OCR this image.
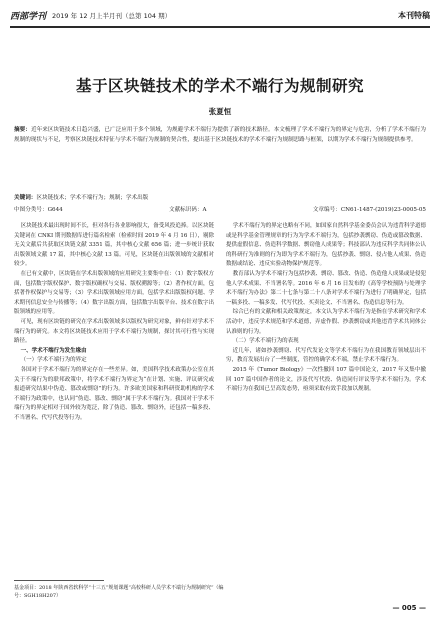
西部学刊 2019 年 12 月上半月刊（总第 104 期）	本刊特稿
基于区块链技术的学术不端行为规制研究
张夏恒
摘要：近年来区块链技术日趋兴盛，已广泛应用于多个领域，为规避学术不端行为提供了新的技术路径。本文梳理了学术不端行为的界定与危害，分析了学术不端行为规制的现状与不足，考察区块链技术特征与学术不端行为规制的契合性，提出基于区块链技术的学术不端行为规制思路与框架，以期为学术不端行为规制提供参考。
关键词：区块链技术；学术不端行为；规制；学术出版
中图分类号：G644	文献标识码：A	文章编号：CN61-1487-(2019)23-0005-05

区块链技术最出现时间不长，但对各行各业影响很大，备受风投追捧。以区块链关键词在 CNKI 期刊数据库进行篇名检索（检索时间 2019 年 4 月 16 日），剔除无关文献后共获取区块链文献 3351 篇，其中核心文献 656 篇；进一步统计获取出版领域文献 17 篇，其中核心文献 13 篇。可见，区块链在出版领域的文献相对较少。

在已有文献中，区块链在学术出版领域的应用研究主要集中在：（1）数字版权方面，包括数字版权保护、数字版权确权与交易、版权溯源等；（2）著作权方面，包括著作权保护与交易等；（3）学术出版领域应用方面，包括学术出版版权问题、学术期刊信息安全与传播等；（4）数字出版方面，包括数字出版平台、技术在数字出版领域的应用等。

可见，现有区块链的研究在学术出版领域多以版权为研究对象，鲜有针对学术不端行为的研究。本文将区块链技术应用于学术不端行为规制，探讨其可行性与实现路径。

一、学术不端行为发生缘由

（一）学术不端行为的界定

各国对于学术不端行为的界定存在一些差异。如，美国科学技术政策办公室在其关于不端行为的联邦政策中，将学术不端行为界定为“在计划、实施、评议研究或报道研究结果中伪造、篡改或剽窃”的行为。许多欧美国家和科研资助机构的学术不端行为政策中，也认同“伪造、篡改、剽窃”属于学术不端行为。我国对于学术不端行为的界定相对于国外较为宽泛，除了伪造、篡改、剽窃外，还包括一稿多投、不当署名、代写代投等行为。

学术不端行为的界定也略有不同，如国家自然科学基金委员会认为违背科学道德或是科学基金管理规章的行为为学术不端行为，包括抄袭剽窃、伪造或篡改数据、提供虚假信息、伪造科学数据、剽窃他人成果等；科技部认为违反科学共同体公认的科研行为准则的行为即为学术不端行为，包括抄袭、剽窃、侵占他人成果、伪造数据或结论、违反实验动物保护规范等。

教育部认为学术不端行为包括抄袭、剽窃、篡改、伪造、伪造他人成果或是侵犯他人学术成果、不当署名等。2016 年 6 月 16 日发布的《高等学校预防与处理学术不端行为办法》第二十七条与第二十八条对学术不端行为进行了明确界定，包括一稿多投、一稿多发、代写代投、买卖论文、不当署名、伪造信息等行为。

综合已有的文献和相关政策规定，本文认为学术不端行为是指在学术研究和学术活动中，违反学术规范和学术道德，弄虚作假、抄袭剽窃或其他违背学术共同体公认准则的行为。

（二）学术不端行为的表现

近几年，诸如抄袭剽窃、代写代发论文等学术不端行为在我国教育领域层出不穷，教育发展出台了一些制度，管控的确学术不端，禁止学术不端行为。

2015 年《Tumor Biology》一次性撤回 107 篇中国论文，2017 年又集中撤回 107 篇中国作者的论文，涉及代写代投、伪造同行评议等学术不端行为。学术不端行为在我国已呈高发态势，亟须采取有效手段加以规制。

基金项目：2018 年陕西省软科学“十三五”规划课题“高校科研人员学术不端行为规制研究”（编号：SGH18H207）
— 005 —
